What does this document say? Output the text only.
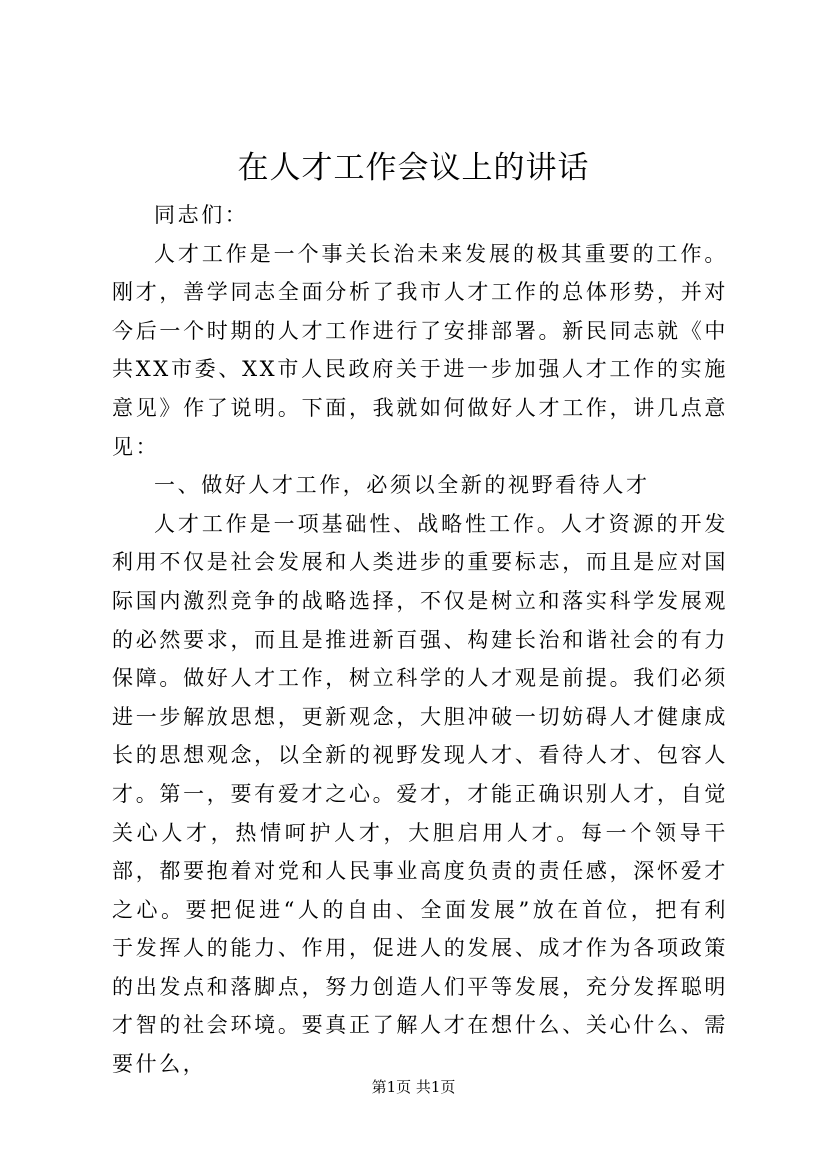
在人才工作会议上的讲话

同志们：

人才工作是一个事关长治未来发展的极其重要的工作。刚才，善学同志全面分析了我市人才工作的总体形势，并对今后一个时期的人才工作进行了安排部署。新民同志就《中共XX市委、XX市人民政府关于进一步加强人才工作的实施意见》作了说明。下面，我就如何做好人才工作，讲几点意见：

一、做好人才工作，必须以全新的视野看待人才

人才工作是一项基础性、战略性工作。人才资源的开发利用不仅是社会发展和人类进步的重要标志，而且是应对国际国内激烈竞争的战略选择，不仅是树立和落实科学发展观的必然要求，而且是推进新百强、构建长治和谐社会的有力保障。做好人才工作，树立科学的人才观是前提。我们必须进一步解放思想，更新观念，大胆冲破一切妨碍人才健康成长的思想观念，以全新的视野发现人才、看待人才、包容人才。第一，要有爱才之心。爱才，才能正确识别人才，自觉关心人才，热情呵护人才，大胆启用人才。每一个领导干部，都要抱着对党和人民事业高度负责的责任感，深怀爱才之心。要把促进“人的自由、全面发展”放在首位，把有利于发挥人的能力、作用，促进人的发展、成才作为各项政策的出发点和落脚点，努力创造人们平等发展，充分发挥聪明才智的社会环境。要真正了解人才在想什么、关心什么、需要什么，

第1页 共1页
